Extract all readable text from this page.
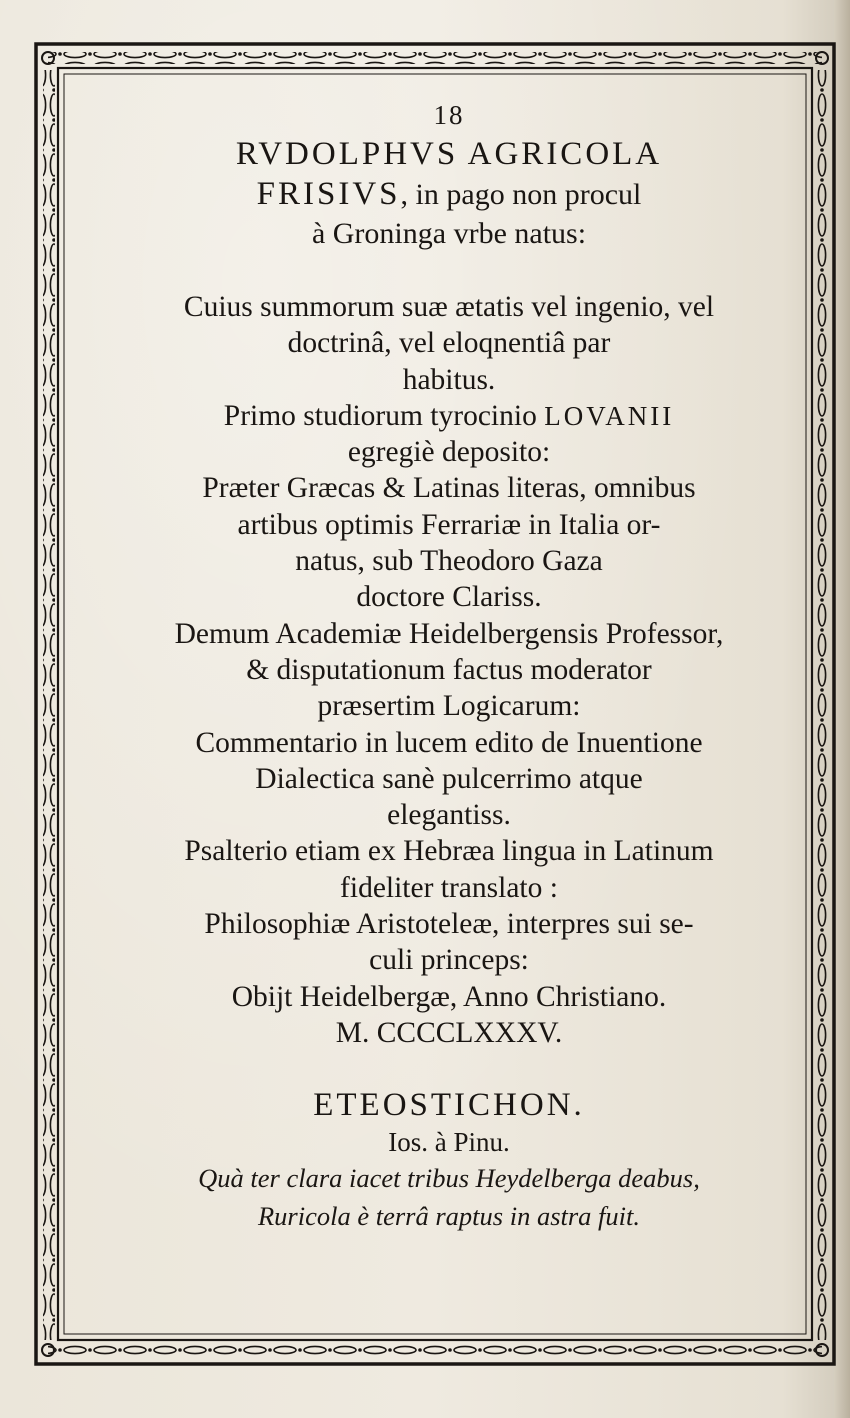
18
RVDOLPHVS AGRICOLA
FRISIVS, in pago non procul
à Groninga vrbe natus:
Cuius summorum suæ ætatis vel ingenio, vel
doctrinâ, vel eloqnentiâ par
habitus.
Primo studiorum tyrocinio LOVANII
egregiè deposito:
Præter Græcas & Latinas literas, omnibus
artibus optimis Ferrariæ in Italia or-
natus, sub Theodoro Gaza
doctore Clariss.
Demum Academiæ Heidelbergensis Professor,
& disputationum factus moderator
præsertim Logicarum:
Commentario in lucem edito de Inuentione
Dialectica sanè pulcerrimo atque
elegantiss.
Psalterio etiam ex Hebræa lingua in Latinum
fideliter translato :
Philosophiæ Aristoteleæ, interpres sui se-
culi princeps:
Obijt Heidelbergæ, Anno Christiano.
M. CCCCLXXXV.
ETEOSTICHON.
Ios. à Pinu.
Quà ter clara iacet tribus Heydelberga deabus,
Ruricola è terrâ raptus in astra fuit.
